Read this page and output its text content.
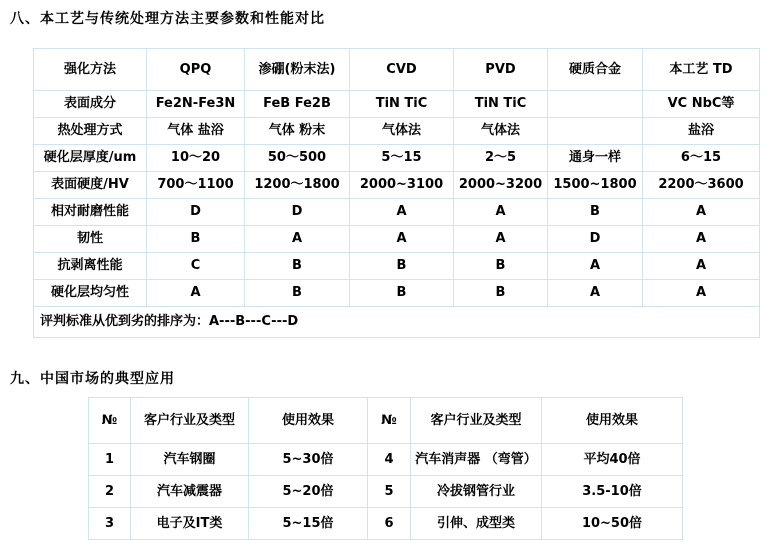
八、本工艺与传统处理方法主要参数和性能对比
强化方法	QPQ	渗硼(粉末法)	CVD	PVD	硬质合金	本工艺 TD
表面成分	Fe2N-Fe3N	FeB Fe2B	TiN TiC	TiN TiC		VC NbC等
热处理方式	气体 盐浴	气体 粉末	气体法	气体法		盐浴
硬化层厚度/um	10～20	50～500	5～15	2～5	通身一样	6～15
表面硬度/HV	700～1100	1200～1800	2000~3100	2000~3200	1500~1800	2200～3600
相对耐磨性能	D	D	A	A	B	A
韧性	B	A	A	A	D	A
抗剥离性能	C	B	B	B	A	A
硬化层均匀性	A	B	B	B	A	A
评判标准从优到劣的排序为：A---B---C---D						
九、中国市场的典型应用
№	客户行业及类型	使用效果	№	客户行业及类型	使用效果
1	汽车钢圈	5~30倍	4	汽车消声器 （弯管）	平均40倍
2	汽车减震器	5~20倍	5	冷拔钢管行业	3.5-10倍
3	电子及IT类	5~15倍	6	引伸、成型类	10~50倍
